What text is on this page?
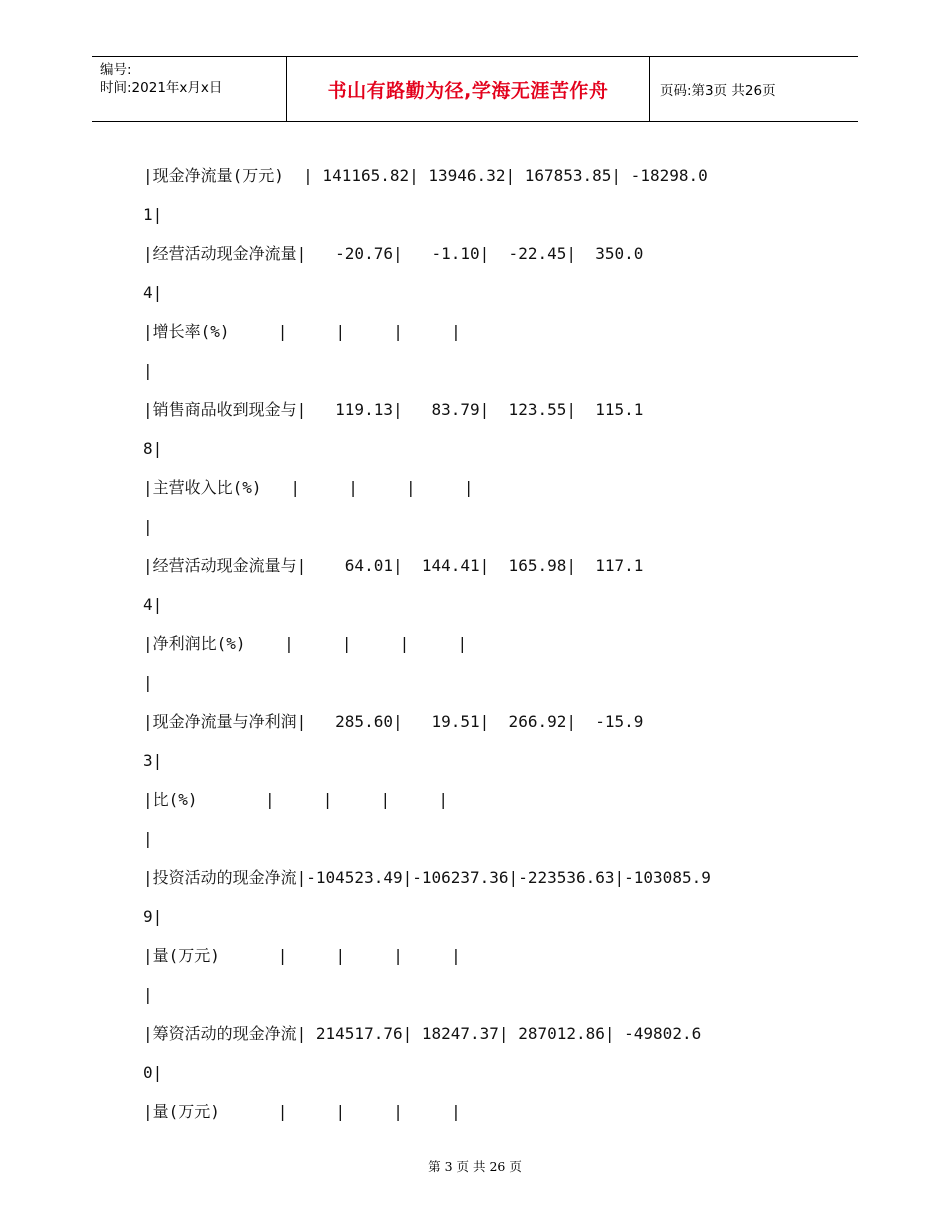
编号:
时间:2021年x月x日	书山有路勤为径,学海无涯苦作舟	页码:第3页 共26页
|现金净流量(万元)  | 141165.82| 13946.32| 167853.85| -18298.0
1|
|经营活动现金净流量|   -20.76|   -1.10|  -22.45|  350.0
4|
|增长率(%)     |     |     |     |
|
|销售商品收到现金与|   119.13|   83.79|  123.55|  115.1
8|
|主营收入比(%)   |     |     |     |
|
|经营活动现金流量与|    64.01|  144.41|  165.98|  117.1
4|
|净利润比(%)    |     |     |     |
|
|现金净流量与净利润|   285.60|   19.51|  266.92|  -15.9
3|
|比(%)       |     |     |     |
|
|投资活动的现金净流|-104523.49|-106237.36|-223536.63|-103085.9
9|
|量(万元)      |     |     |     |
|
|筹资活动的现金净流| 214517.76| 18247.37| 287012.86| -49802.6
0|
|量(万元)      |     |     |     |
第 3 页 共 26 页
